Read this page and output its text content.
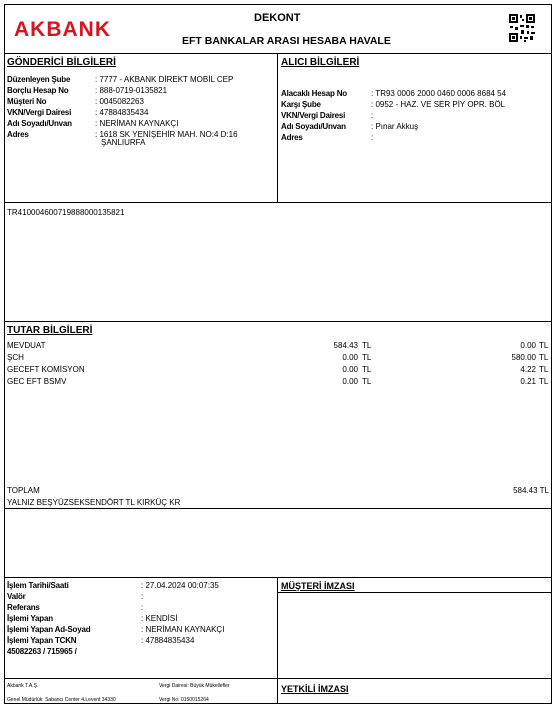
AKBANK	DEKONT
EFT BANKALAR ARASI HESABA HAVALE
GÖNDERİCİ BİLGİLERİ
Düzenleyen Şube	: 7777 - AKBANK DİREKT MOBİL CEP
Borçlu Hesap No	: 888-0719-0135821
Müşteri No	: 0045082263
VKN/Vergi Dairesi	: 47884835434
Adı Soyadı/Unvan	: NERİMAN KAYNAKÇI
Adres	: 1618 SK YENİŞEHİR MAH. NO:4 D:16
ŞANLIURFA
ALICI BİLGİLERİ
Alacaklı Hesap No	: TR93 0006 2000 0460 0006 8684 54
Karşı Şube	: 0952 - HAZ. VE SER PİY OPR. BÖL
VKN/Vergi Dairesi	:
Adı Soyadı/Unvan	: Pınar Akkuş
Adres	:
TR410004600719888000135821
TUTAR BİLGİLERİ
MEVDUAT	584.43 TL	0.00 TL
ŞCH	0.00 TL	580.00 TL
GECEFT KOMİSYON	0.00 TL	4.22 TL
GEC EFT BSMV	0.00 TL	0.21 TL
TOPLAM	584.43 TL
YALNIZ BEŞYÜZSEKSENDÖRT TL KIRKÜÇ KR
İşlem Tarihi/Saati	: 27.04.2024 00:07:35
Valör	:
Referans	:
İşlemi Yapan	: KENDİSİ
İşlemi Yapan Ad-Soyad	: NERİMAN KAYNAKÇI
İşlemi Yapan TCKN	: 47884835434
45082263 / 715965 /
MÜŞTERİ İMZASI
YETKİLİ İMZASI
Akbank T.A.Ş.
Genel Müdürlük: Sabancı Center 4.Levent 34330
Vergi Dairesi: Büyük Mükellefler
Vergi No: 0150015264
